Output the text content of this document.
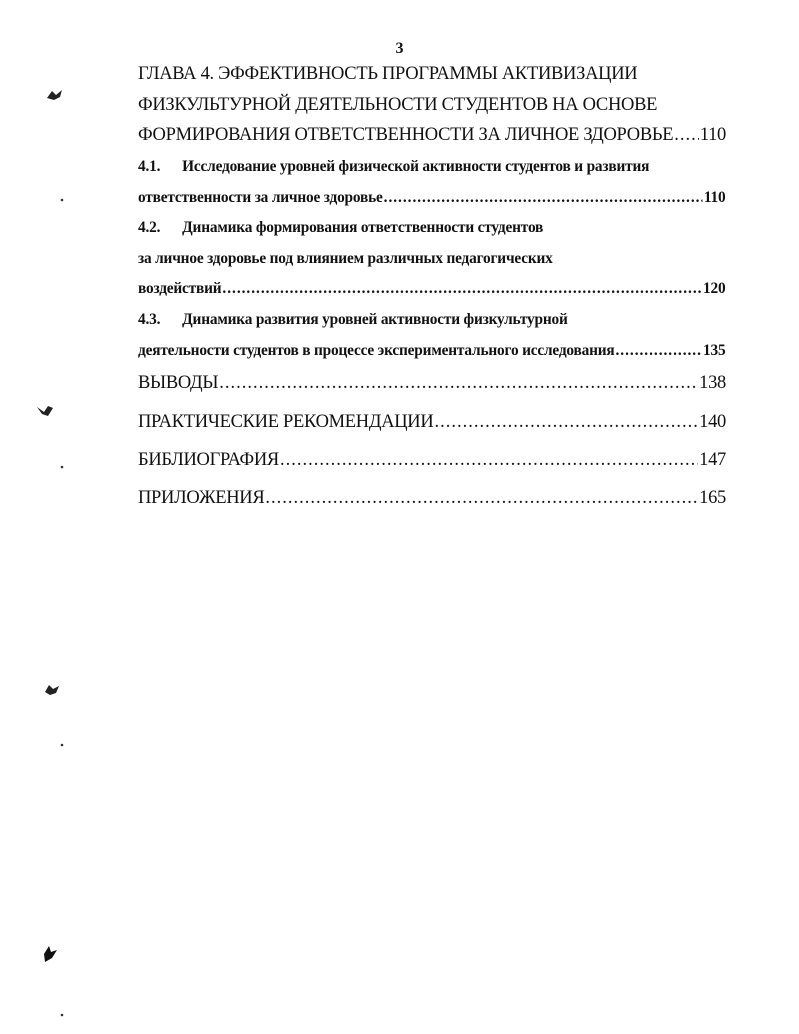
3
ГЛАВА 4. ЭФФЕКТИВНОСТЬ ПРОГРАММЫ АКТИВИЗАЦИИ
ФИЗКУЛЬТУРНОЙ ДЕЯТЕЛЬНОСТИ СТУДЕНТОВ НА ОСНОВЕ
ФОРМИРОВАНИЯ ОТВЕТСТВЕННОСТИ ЗА ЛИЧНОЕ ЗДОРОВЬЕ ..... 110
4.1.	Исследование уровней физической активности студентов и развития
ответственности за личное здоровье .....	110
4.2.	Динамика формирования ответственности студентов
за личное здоровье под влиянием различных педагогических
воздействий .....	120
4.3.	Динамика развития уровней активности физкультурной
деятельности студентов в процессе экспериментального исследования .....	135
ВЫВОДЫ .....	138
ПРАКТИЧЕСКИЕ РЕКОМЕНДАЦИИ .....	140
БИБЛИОГРАФИЯ .....	147
ПРИЛОЖЕНИЯ .....	165
